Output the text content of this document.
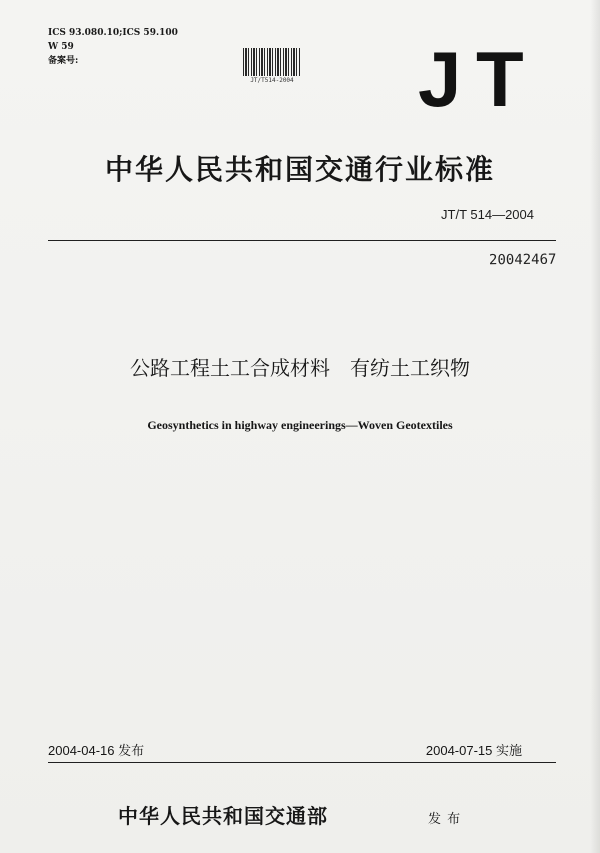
ICS 93.080.10;ICS 59.100
W 59
备案号:
JT/T514-2004 J T
中华人民共和国交通行业标准
JT/T 514—2004
20042467
公路工程土工合成材料　有纺土工织物
Geosynthetics in highway engineerings—Woven Geotextiles
2004-04-16 发布	2004-07-15 实施
中华人民共和国交通部	发 布
